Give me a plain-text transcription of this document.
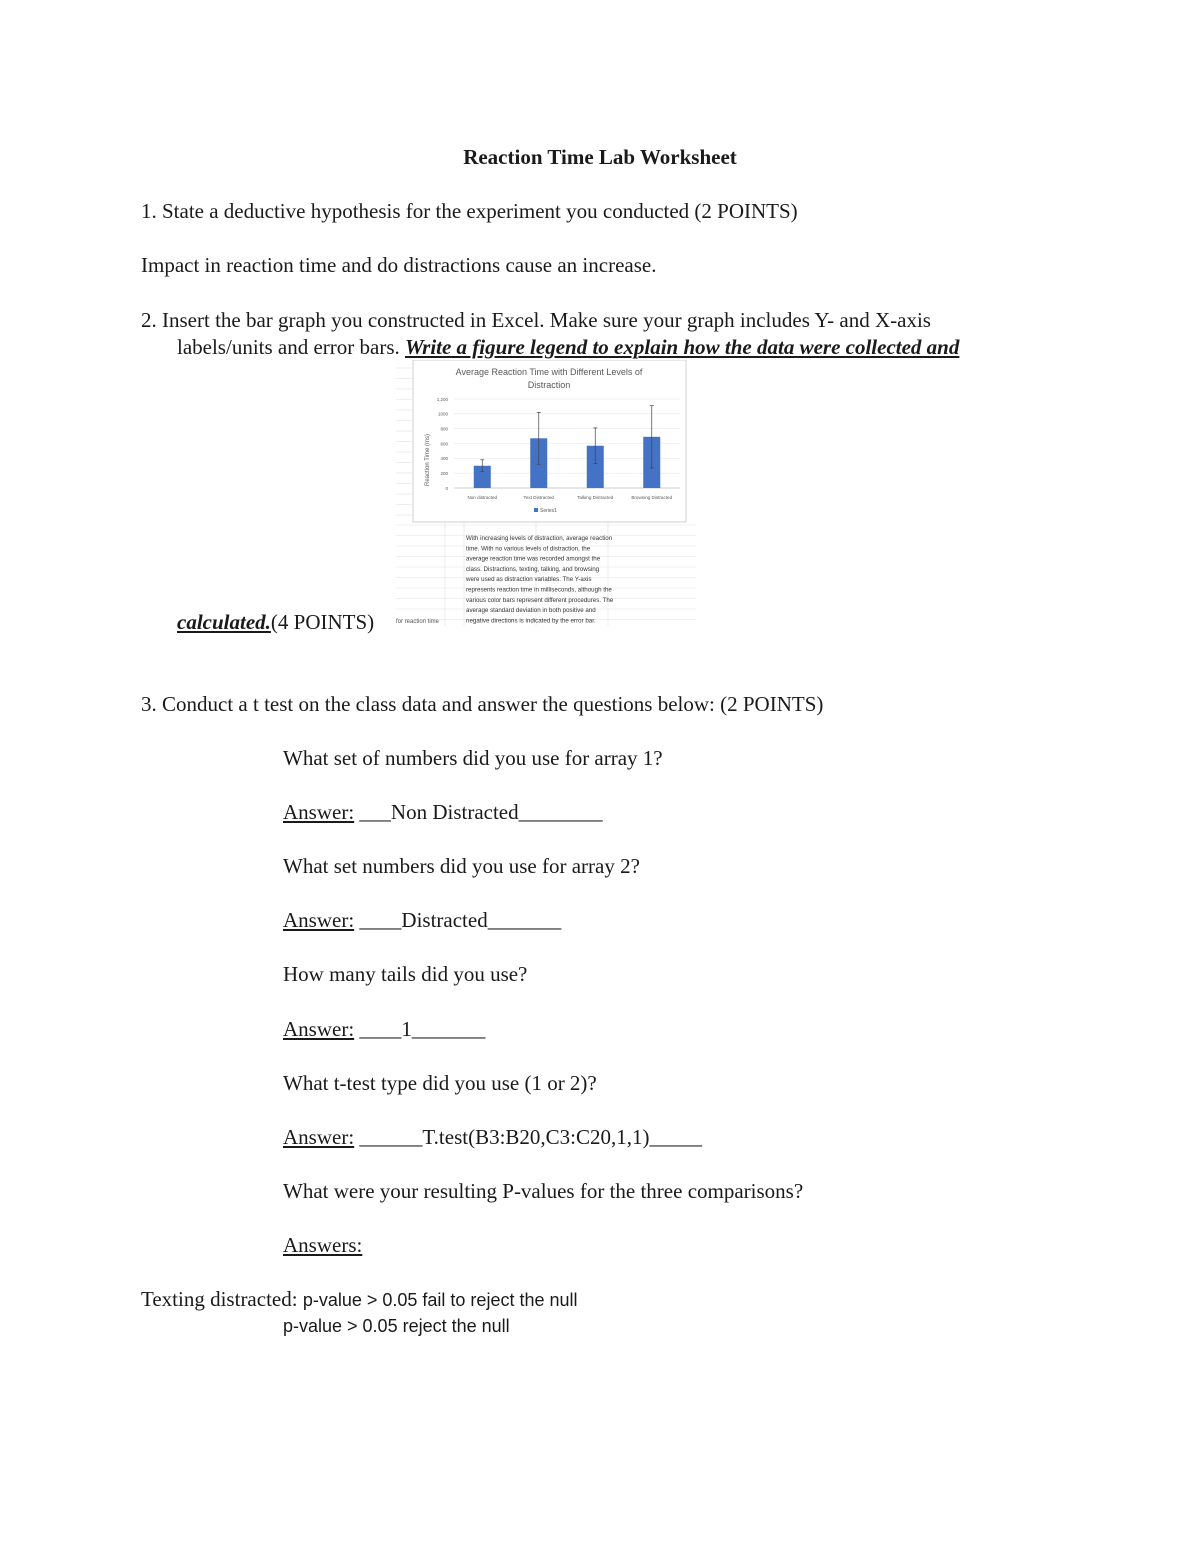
Reaction Time Lab Worksheet
1. State a deductive hypothesis for the experiment you conducted (2 POINTS)
Impact in reaction time and do distractions cause an increase.
2. Insert the bar graph you constructed in Excel. Make sure your graph includes Y- and X-axis
labels/units and error bars. Write a figure legend to explain how the data were collected and
Average Reaction Time with Different Levels of
Distraction
Reaction Time (ms)
1,200
1000
800
600
400
200
0
Non distracted	Text Distracted	Talking Distracted	Browsing Distracted
Series1
With increasing levels of distraction, average reaction
time. With no various levels of distraction, the
average reaction time was recorded amongst the
class. Distractions, texting, talking, and browsing
were used as distraction variables. The Y-axis
represents reaction time in milliseconds, although the
various color bars represent different procedures. The
average standard deviation in both positive and
negative directions is indicated by the error bar.
for reaction time
calculated.(4 POINTS)
3. Conduct a t test on the class data and answer the questions below: (2 POINTS)
What set of numbers did you use for array 1?
Answer: ___Non Distracted________
What set numbers did you use for array 2?
Answer: ____Distracted_______
How many tails did you use?
Answer: ____1_______
What t-test type did you use (1 or 2)?
Answer: ______T.test(B3:B20,C3:C20,1,1)_____
What were your resulting P-values for the three comparisons?
Answers:
Texting distracted: p-value > 0.05 fail to reject the null
p-value > 0.05 reject the null
